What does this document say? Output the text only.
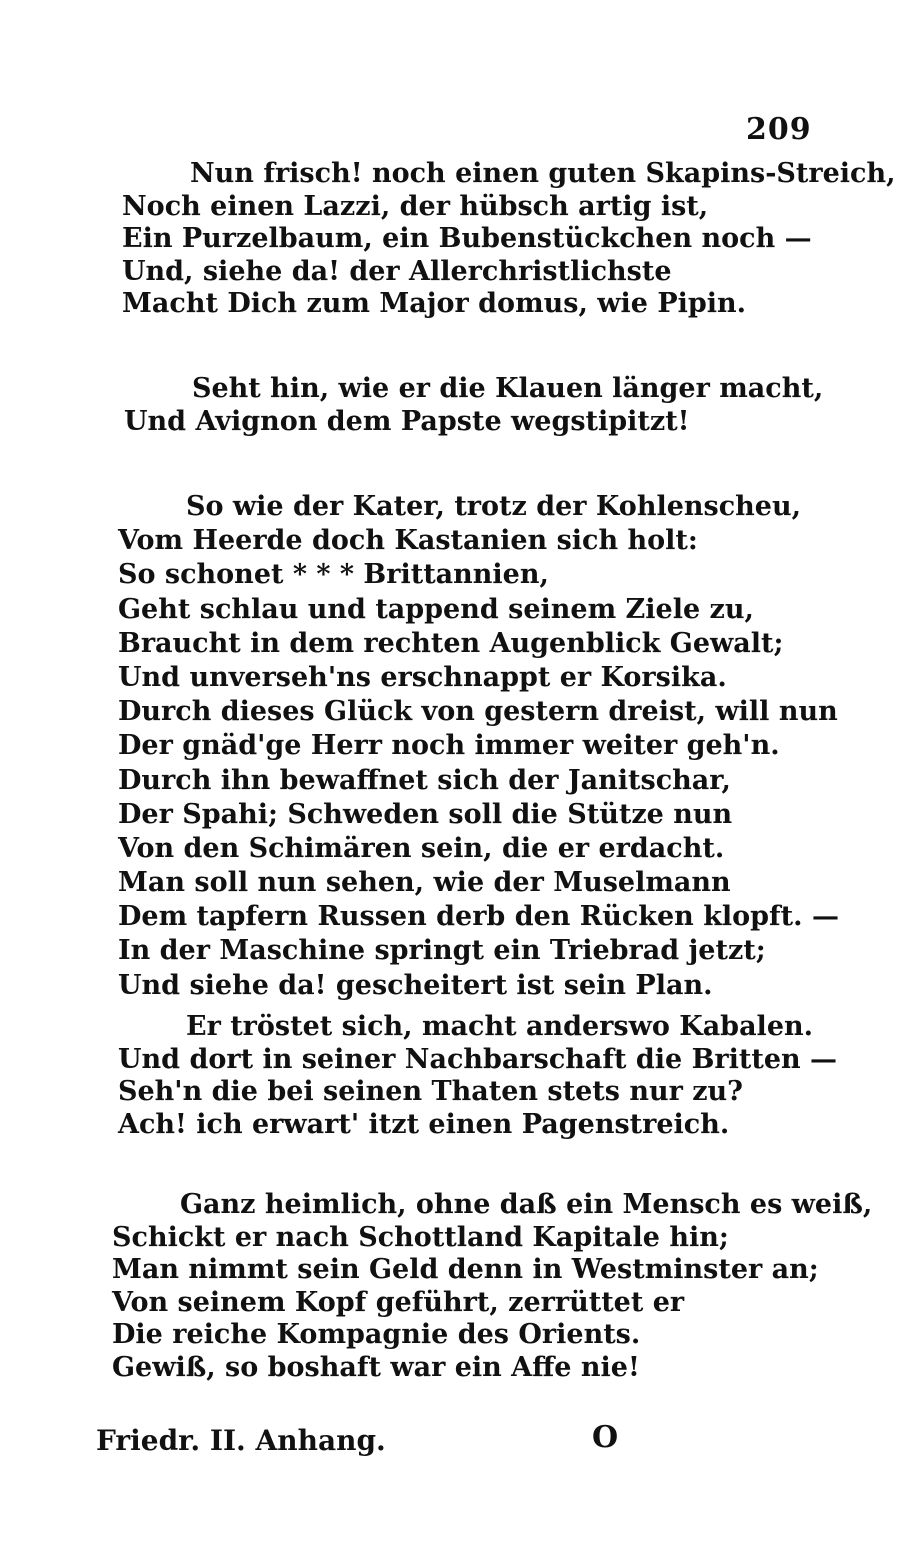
209
Nun frisch! noch einen guten Skapins-Streich,
Noch einen Lazzi, der hübsch artig ist,
Ein Purzelbaum, ein Bubenstückchen noch —
Und, siehe da! der Allerchristlichste
Macht Dich zum Major domus, wie Pipin.
Seht hin, wie er die Klauen länger macht,
Und Avignon dem Papste wegstipitzt!
So wie der Kater, trotz der Kohlenscheu,
Vom Heerde doch Kastanien sich holt:
So schonet * * * Brittannien,
Geht schlau und tappend seinem Ziele zu,
Braucht in dem rechten Augenblick Gewalt;
Und unverseh'ns erschnappt er Korsika.
Durch dieses Glück von gestern dreist, will nun
Der gnäd'ge Herr noch immer weiter geh'n.
Durch ihn bewaffnet sich der Janitschar,
Der Spahi; Schweden soll die Stütze nun
Von den Schimären sein, die er erdacht.
Man soll nun sehen, wie der Muselmann
Dem tapfern Russen derb den Rücken klopft. —
In der Maschine springt ein Triebrad jetzt;
Und siehe da! gescheitert ist sein Plan.
Er tröstet sich, macht anderswo Kabalen.
Und dort in seiner Nachbarschaft die Britten —
Seh'n die bei seinen Thaten stets nur zu?
Ach! ich erwart' itzt einen Pagenstreich.
Ganz heimlich, ohne daß ein Mensch es weiß,
Schickt er nach Schottland Kapitale hin;
Man nimmt sein Geld denn in Westminster an;
Von seinem Kopf geführt, zerrüttet er
Die reiche Kompagnie des Orients.
Gewiß, so boshaft war ein Affe nie!
Friedr. II. Anhang.	O
